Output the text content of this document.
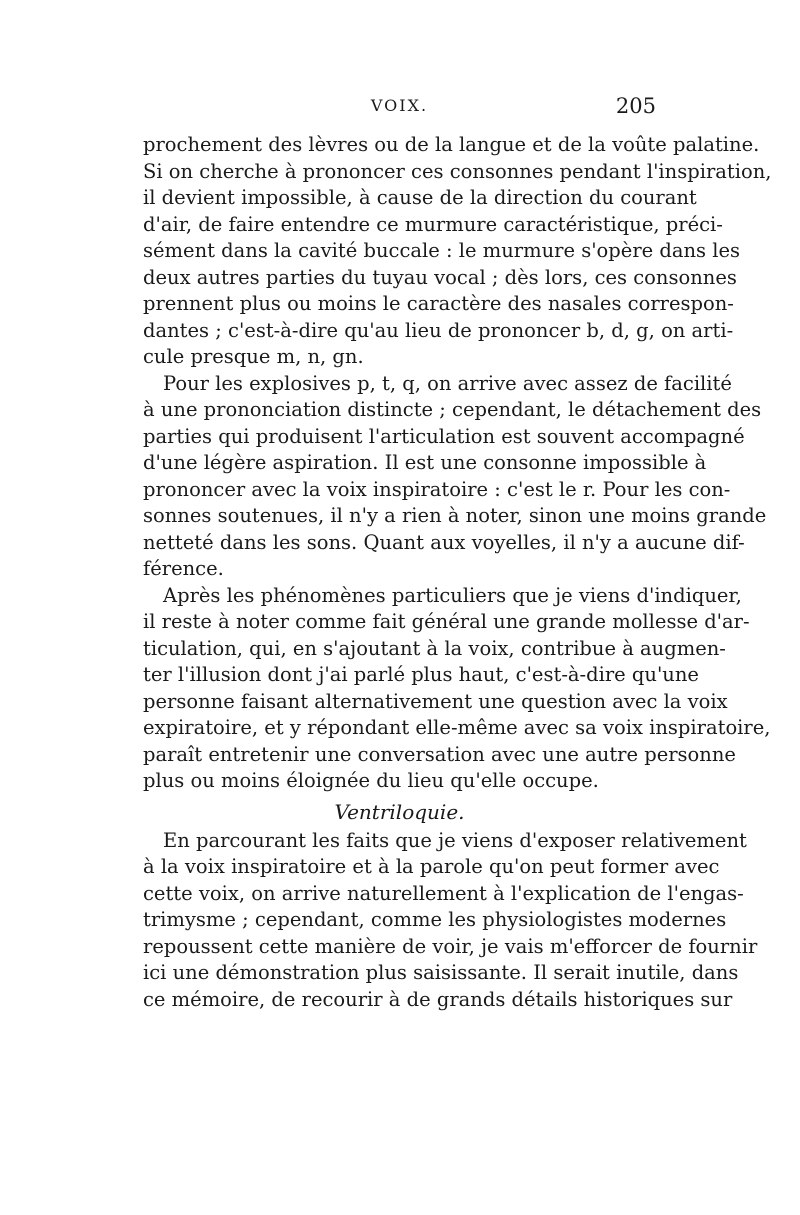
VOIX.	205
prochement des lèvres ou de la langue et de la voûte palatine.
Si on cherche à prononcer ces consonnes pendant l'inspiration,
il devient impossible, à cause de la direction du courant
d'air, de faire entendre ce murmure caractéristique, préci-
sément dans la cavité buccale : le murmure s'opère dans les
deux autres parties du tuyau vocal ; dès lors, ces consonnes
prennent plus ou moins le caractère des nasales correspon-
dantes ; c'est-à-dire qu'au lieu de prononcer b, d, g, on arti-
cule presque m, n, gn.
Pour les explosives p, t, q, on arrive avec assez de facilité
à une prononciation distincte ; cependant, le détachement des
parties qui produisent l'articulation est souvent accompagné
d'une légère aspiration. Il est une consonne impossible à
prononcer avec la voix inspiratoire : c'est le r. Pour les con-
sonnes soutenues, il n'y a rien à noter, sinon une moins grande
netteté dans les sons. Quant aux voyelles, il n'y a aucune dif-
férence.
Après les phénomènes particuliers que je viens d'indiquer,
il reste à noter comme fait général une grande mollesse d'ar-
ticulation, qui, en s'ajoutant à la voix, contribue à augmen-
ter l'illusion dont j'ai parlé plus haut, c'est-à-dire qu'une
personne faisant alternativement une question avec la voix
expiratoire, et y répondant elle-même avec sa voix inspiratoire,
paraît entretenir une conversation avec une autre personne
plus ou moins éloignée du lieu qu'elle occupe.
Ventriloquie.
En parcourant les faits que je viens d'exposer relativement
à la voix inspiratoire et à la parole qu'on peut former avec
cette voix, on arrive naturellement à l'explication de l'engas-
trimysme ; cependant, comme les physiologistes modernes
repoussent cette manière de voir, je vais m'efforcer de fournir
ici une démonstration plus saisissante. Il serait inutile, dans
ce mémoire, de recourir à de grands détails historiques sur
